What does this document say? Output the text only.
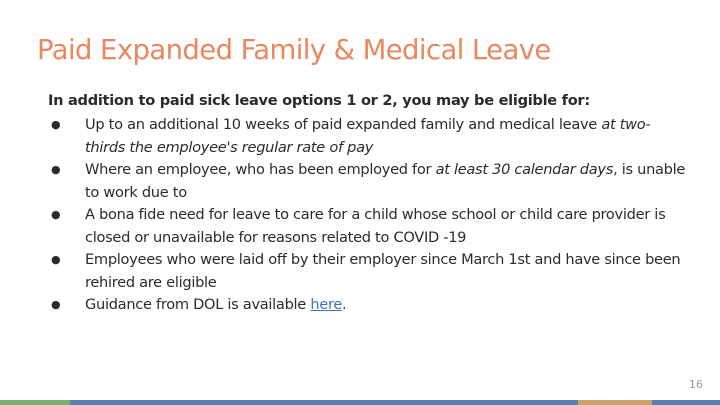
Paid Expanded Family & Medical Leave
In addition to paid sick leave options 1 or 2, you may be eligible for:
● Up to an additional 10 weeks of paid expanded family and medical leave at two-thirds the employee's regular rate of pay
● Where an employee, who has been employed for at least 30 calendar days, is unable to work due to
● A bona fide need for leave to care for a child whose school or child care provider is closed or unavailable for reasons related to COVID -19
● Employees who were laid off by their employer since March 1st and have since been rehired are eligible
● Guidance from DOL is available here.
16
